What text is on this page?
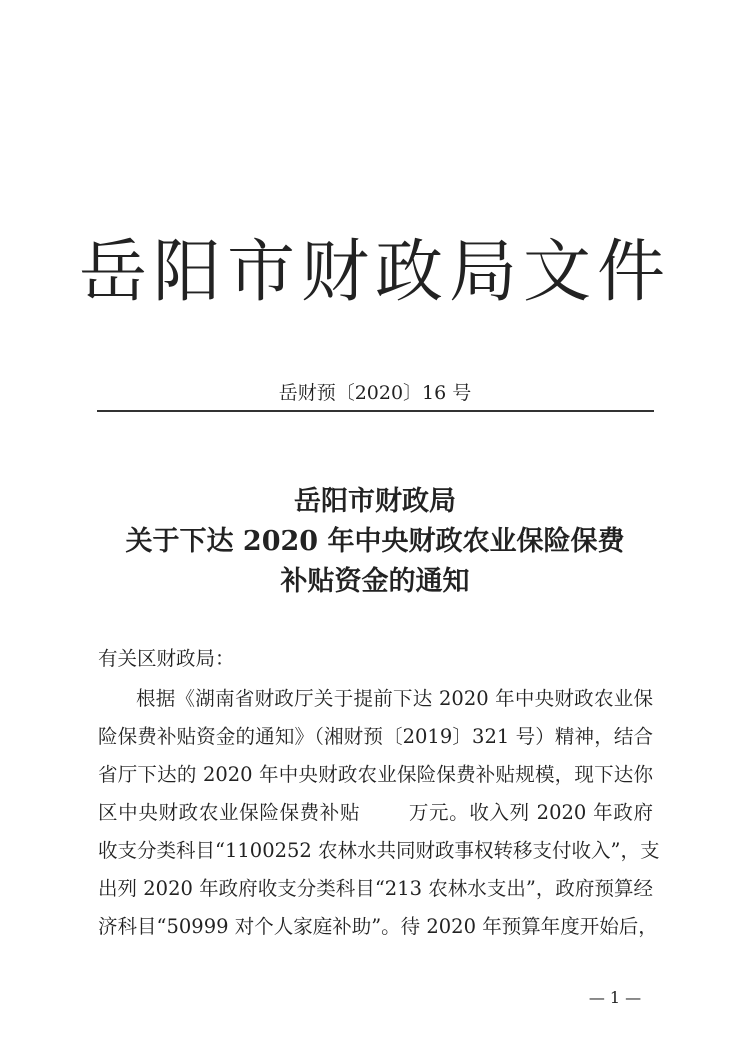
岳阳市财政局文件
岳财预〔2020〕16 号
岳阳市财政局
关于下达 2020 年中央财政农业保险保费
补贴资金的通知
有关区财政局：
根据《湖南省财政厅关于提前下达 2020 年中央财政农业保
险保费补贴资金的通知》（湘财预〔2019〕321 号）精神，结合
省厅下达的 2020 年中央财政农业保险保费补贴规模，现下达你
区中央财政农业保险保费补贴 万元。收入列 2020 年政府
收支分类科目“1100252 农林水共同财政事权转移支付收入”，支
出列 2020 年政府收支分类科目“213 农林水支出”，政府预算经
济科目“50999 对个人家庭补助”。待 2020 年预算年度开始后，
— 1 —
